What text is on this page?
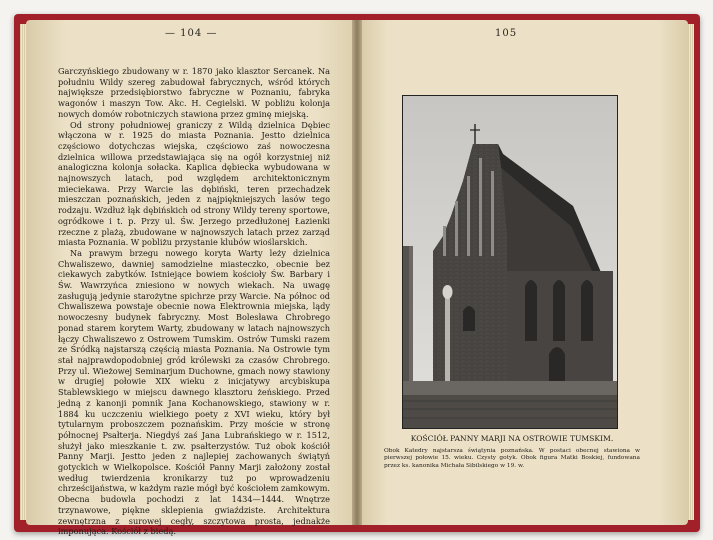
— 104 —	105

Garczyńskiego zbudowany w r. 1870 jako klasztor Sercanek. Na południu Wildy szereg zabudował fabrycznych, wśród których największe przedsiębiorstwo fabryczne w Poznaniu, fabryka wagonów i maszyn Tow. Akc. H. Cegielski. W pobliżu kolonja nowych domów robotniczych stawiona przez gminę miejską.

Od strony południowej graniczy z Wildą dzielnica Dębiec włączona w r. 1925 do miasta Poznania. Jestto dzielnica częściowo dotychczas wiejska, częściowo zaś nowoczesna dzielnica willowa przedstawiająca się na ogół korzystniej niż analogiczna kolonja sołacka. Kaplica dębiecka wybudowana w najnowszych latach, pod względem architektonicznym mieciekawa. Przy Warcie las dębiński, teren przechadzek mieszczan poznańskich, jeden z najpiękniejszych lasów tego rodzaju. Wzdłuż łąk dębińskich od strony Wildy tereny sportowe, ogródkowe i t. p. Przy ul. Św. Jerzego przedłużonej Łazienki rzeczne z plażą, zbudowane w najnowszych latach przez zarząd miasta Poznania. W pobliżu przystanie klubów wioślarskich.

Na prawym brzegu nowego koryta Warty leży dzielnica Chwaliszewo, dawniej samodzielne miasteczko, obecnie bez ciekawych zabytków. Istniejące bowiem kościoły Św. Barbary i Św. Wawrzyńca zniesiono w nowych wiekach. Na uwagę zasługują jedynie starożytne spichrze przy Warcie. Na północ od Chwaliszewa powstaje obecnie nowa Elektrownia miejska, lądy nowoczesny budynek fabryczny. Most Bolesława Chrobrego ponad starem korytem Warty, zbudowany w latach najnowszych łączy Chwaliszewo z Ostrowem Tumskim. Ostrów Tumski razem ze Śródką najstarszą częścią miasta Poznania. Na Ostrowie tym stał najprawdopodobniej gród królewski za czasów Chrobrego. Przy ul. Wieżowej Seminarjum Duchowne, gmach nowy stawiony w drugiej połowie XIX wieku z inicjatywy arcybiskupa Stablewskiego w miejscu dawnego klasztoru żeńskiego. Przed jedną z kanonji pomnik Jana Kochanowskiego, stawiony w r. 1884 ku uczczeniu wielkiego poety z XVI wieku, który był tytularnym proboszczem poznańskim. Przy moście w stronę północnej Psałterja. Niegdyś zaś Jana Lubrańskiego w r. 1512, służył jako mieszkanie t. zw. psałterzystów. Tuż obok kościół Panny Marji. Jestto jeden z najlepiej zachowanych świątyń gotyckich w Wielkopolsce. Kościół Panny Marji założony został według twierdzenia kronikarzy tuż po wprowadzeniu chrześcijaństwa, w każdym razie mógł być kościołem zamkowym. Obecna budowla pochodzi z lat 1434—1444. Wnętrze trzynawowe, piękne sklepienia gwiaździste. Architektura zewnętrzna z surowej cegły, szczytowa prosta, jednakże imponująca. Kościół z biedą.

KOŚCIÓŁ PANNY MARJI NA OSTROWIE TUMSKIM.
Obok Katedry najstarsza świątynia poznańska. W postaci obecnej stawiona w pierwszej połowie 15. wieku. Czysty gotyk. Obok figura Matki Boskiej, fundowana przez ks. kanonika Michała Sibilskiego w 19. w.
